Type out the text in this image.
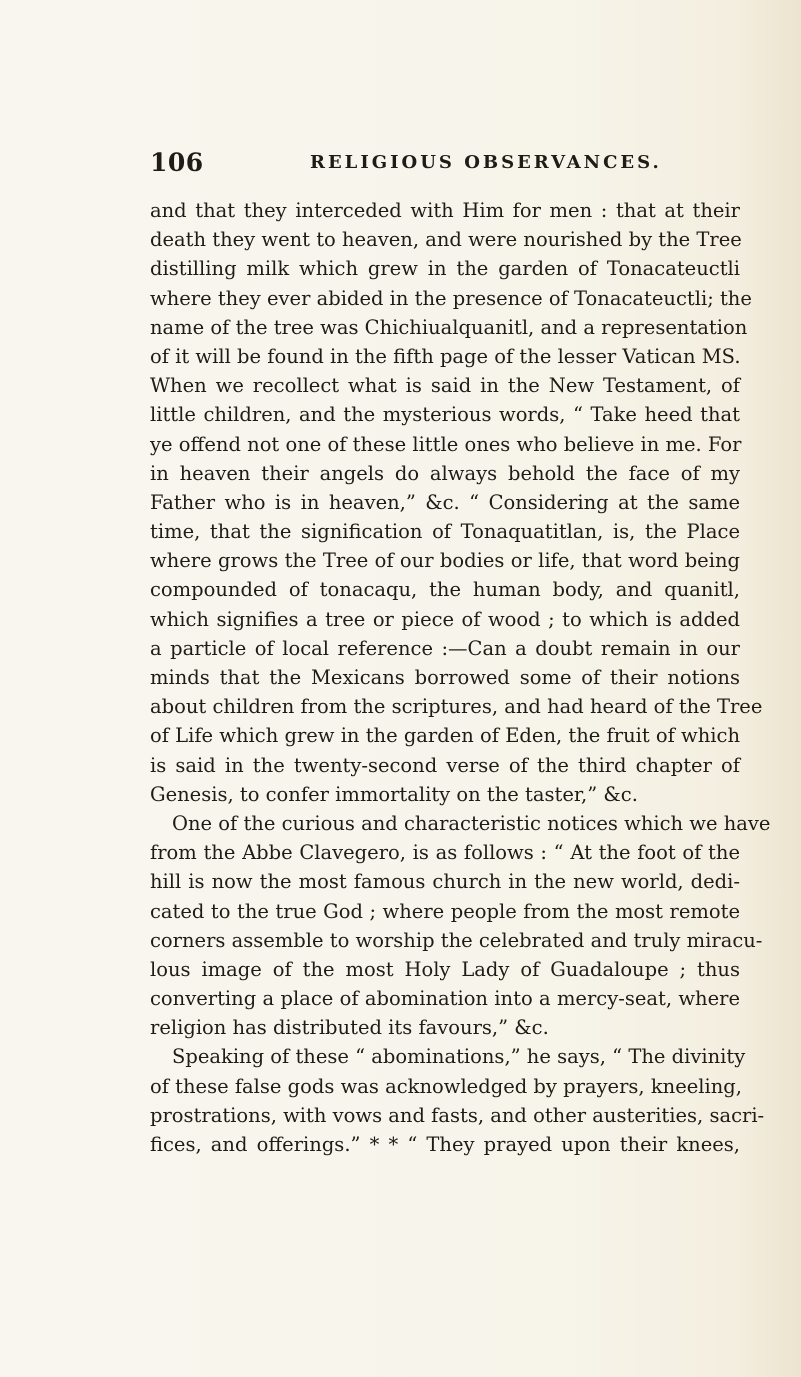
106	RELIGIOUS OBSERVANCES.
and that they interceded with Him for men : that at their
death they went to heaven, and were nourished by the Tree
distilling milk which grew in the garden of Tonacateuctli
where they ever abided in the presence of Tonacateuctli; the
name of the tree was Chichiualquanitl, and a representation
of it will be found in the fifth page of the lesser Vatican MS.
When we recollect what is said in the New Testament, of
little children, and the mysterious words, “ Take heed that
ye offend not one of these little ones who believe in me. For
in heaven their angels do always behold the face of my
Father who is in heaven,” &c. “ Considering at the same
time, that the signification of Tonaquatitlan, is, the Place
where grows the Tree of our bodies or life, that word being
compounded of tonacaqu, the human body, and quanitl,
which signifies a tree or piece of wood ; to which is added
a particle of local reference :—Can a doubt remain in our
minds that the Mexicans borrowed some of their notions
about children from the scriptures, and had heard of the Tree
of Life which grew in the garden of Eden, the fruit of which
is said in the twenty-second verse of the third chapter of
Genesis, to confer immortality on the taster,” &c.
One of the curious and characteristic notices which we have
from the Abbe Clavegero, is as follows : “ At the foot of the
hill is now the most famous church in the new world, dedi-
cated to the true God ; where people from the most remote
corners assemble to worship the celebrated and truly miracu-
lous image of the most Holy Lady of Guadaloupe ; thus
converting a place of abomination into a mercy-seat, where
religion has distributed its favours,” &c.
Speaking of these “ abominations,” he says, “ The divinity
of these false gods was acknowledged by prayers, kneeling,
prostrations, with vows and fasts, and other austerities, sacri-
fices, and offerings.” * * “ They prayed upon their knees,
